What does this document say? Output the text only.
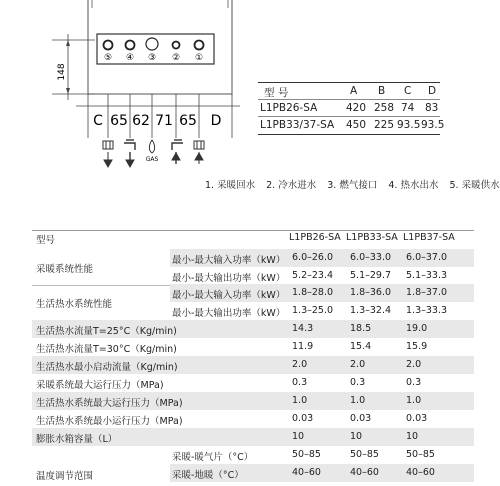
⑤ ④ ③ ② ①
148
C 65 62 71 65 D
GAS
型 号	A B C D
L1PB26-SA	420 258 74 83
L1PB33/37-SA 450 225 93.5 93.5
1. 采暖回水 2. 冷水进水 3. 燃气接口 4. 热水出水 5. 采暖供水
型号	L1PB26-SA L1PB33-SA L1PB37-SA
采暖系统性能
最小-最大输入功率（kW） 6.0–26.0 6.0–33.0 6.0–37.0
最小-最大输出功率（kW） 5.2–23.4 5.1–29.7 5.1–33.3
生活热水系统性能
最小-最大输入功率（kW） 1.8–28.0 1.8–36.0 1.8–37.0
最小-最大输出功率（kW） 1.3–25.0 1.3–32.4 1.3–33.3
生活热水流量T=25°C（Kg/min)	14.3	18.5	19.0
生活热水流量T=30°C（Kg/min)	11.9	15.4	15.9
生活热水最小启动流量（Kg/min)	2.0	2.0	2.0
采暖系统最大运行压力（MPa)	0.3	0.3	0.3
生活热水系统最大运行压力（MPa)	1.0	1.0	1.0
生活热水系统最小运行压力（MPa)	0.03	0.03	0.03
膨胀水箱容量（L）	10	10	10
温度调节范围
采暖-暖气片（°C）	50–85	50–85	50–85
采暖-地暖（°C）	40–60	40–60	40–60
